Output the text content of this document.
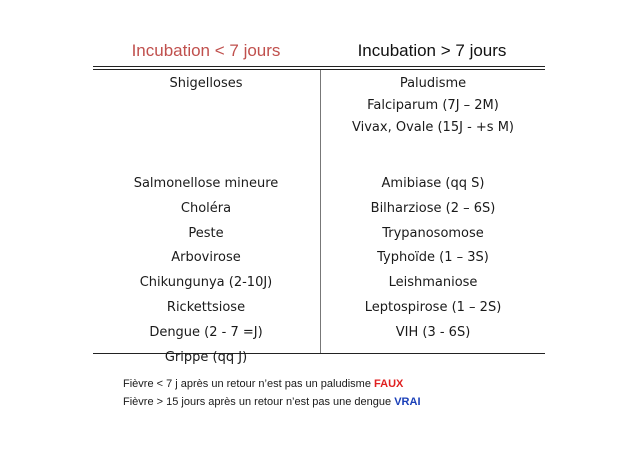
Incubation < 7 jours	Incubation > 7 jours
Shigelloses
Salmonellose mineure
Choléra
Peste
Arbovirose
Chikungunya (2-10J)
Rickettsiose
Dengue (2 - 7 =J)
Grippe (qq J)
Paludisme
Falciparum (7J – 2M)
Vivax, Ovale (15J - +s M)
Amibiase (qq S)
Bilharziose (2 – 6S)
Trypanosomose
Typhoïde (1 – 3S)
Leishmaniose
Leptospirose (1 – 2S)
VIH (3 - 6S)
Fièvre < 7 j après un retour n’est pas un paludisme FAUX
Fièvre > 15 jours après un retour n’est pas une dengue VRAI
